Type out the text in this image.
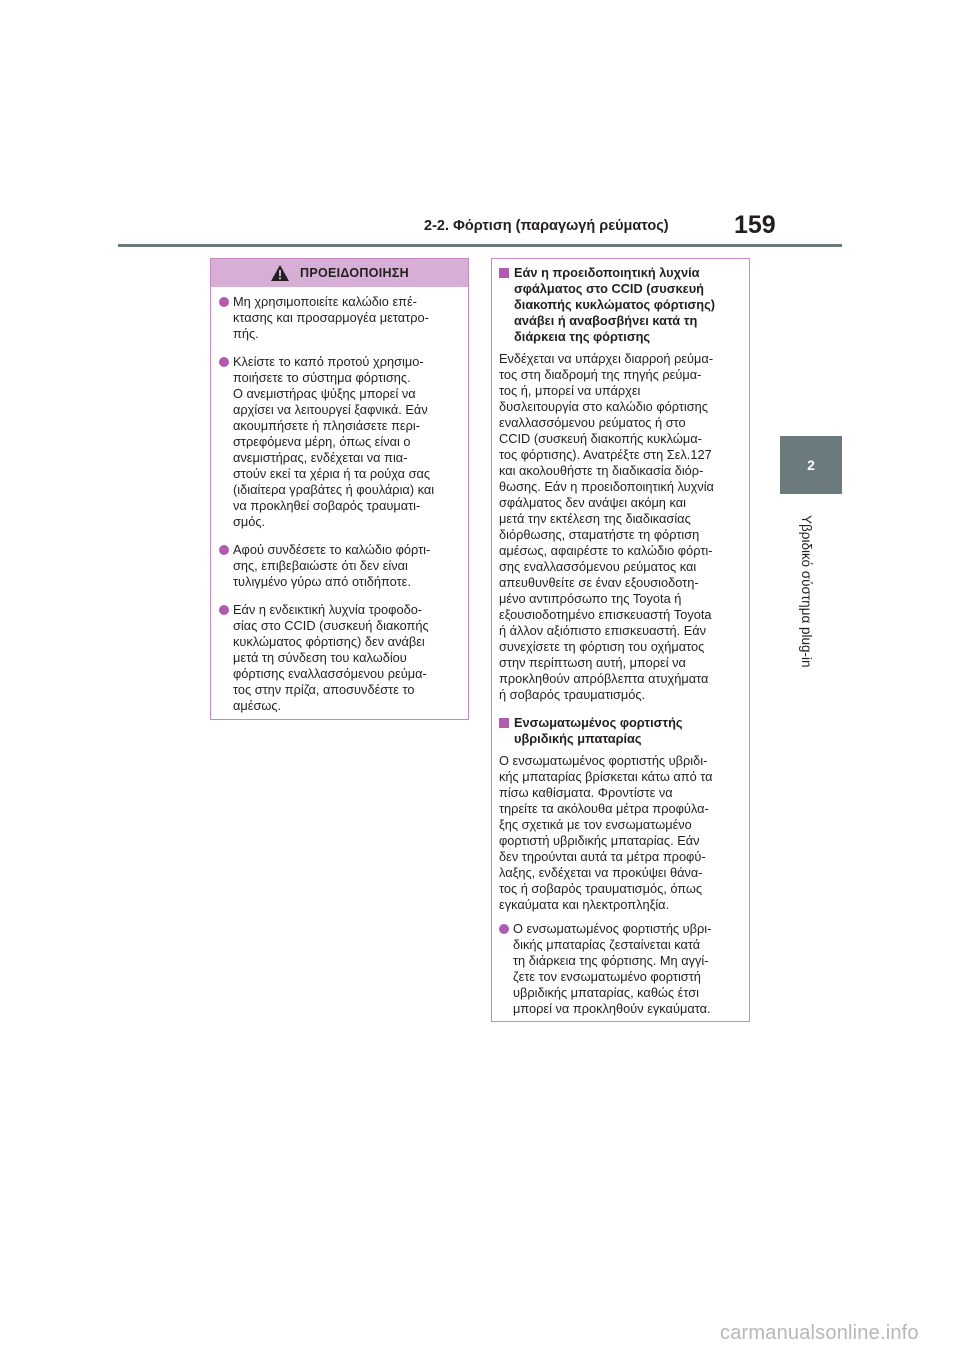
2-2. Φόρτιση (παραγωγή ρεύματος)	159
2
Υβριδικό σύστημα plug-in
ΠΡΟΕΙΔΟΠΟΙΗΣΗ

Μη χρησιμοποιείτε καλώδιο επέ-

κτασης και προσαρμογέα μετατρο-

πής.

Κλείστε το καπό προτού χρησιμο-

ποιήσετε το σύστημα φόρτισης.

Ο ανεμιστήρας ψύξης μπορεί να

αρχίσει να λειτουργεί ξαφνικά. Εάν

ακουμπήσετε ή πλησιάσετε περι-

στρεφόμενα μέρη, όπως είναι ο

ανεμιστήρας, ενδέχεται να πια-

στούν εκεί τα χέρια ή τα ρούχα σας

(ιδιαίτερα γραβάτες ή φουλάρια) και

να προκληθεί σοβαρός τραυματι-

σμός.

Αφού συνδέσετε το καλώδιο φόρτι-

σης, επιβεβαιώστε ότι δεν είναι

τυλιγμένο γύρω από οτιδήποτε.

Εάν η ενδεικτική λυχνία τροφοδο-

σίας στο CCID (συσκευή διακοπής

κυκλώματος φόρτισης) δεν ανάβει

μετά τη σύνδεση του καλωδίου

φόρτισης εναλλασσόμενου ρεύμα-

τος στην πρίζα, αποσυνδέστε το

αμέσως.

Εάν η προειδοποιητική λυχνία
σφάλματος στο CCID (συσκευή
διακοπής κυκλώματος φόρτισης)
ανάβει ή αναβοσβήνει κατά τη
διάρκεια της φόρτισης
Ενδέχεται να υπάρχει διαρροή ρεύμα-
τος στη διαδρομή της πηγής ρεύμα-
τος ή, μπορεί να υπάρχει
δυσλειτουργία στο καλώδιο φόρτισης
εναλλασσόμενου ρεύματος ή στο
CCID (συσκευή διακοπής κυκλώμα-
τος φόρτισης). Ανατρέξτε στη Σελ.127
και ακολουθήστε τη διαδικασία διόρ-
θωσης. Εάν η προειδοποιητική λυχνία
σφάλματος δεν ανάψει ακόμη και
μετά την εκτέλεση της διαδικασίας
διόρθωσης, σταματήστε τη φόρτιση
αμέσως, αφαιρέστε το καλώδιο φόρτι-
σης εναλλασσόμενου ρεύματος και
απευθυνθείτε σε έναν εξουσιοδοτη-
μένο αντιπρόσωπο της Toyota ή
εξουσιοδοτημένο επισκευαστή Toyota
ή άλλον αξιόπιστο επισκευαστή. Εάν
συνεχίσετε τη φόρτιση του οχήματος
στην περίπτωση αυτή, μπορεί να
προκληθούν απρόβλεπτα ατυχήματα
ή σοβαρός τραυματισμός.
Ενσωματωμένος φορτιστής
υβριδικής μπαταρίας
Ο ενσωματωμένος φορτιστής υβριδι-
κής μπαταρίας βρίσκεται κάτω από τα
πίσω καθίσματα. Φροντίστε να
τηρείτε τα ακόλουθα μέτρα προφύλα-
ξης σχετικά με τον ενσωματωμένο
φορτιστή υβριδικής μπαταρίας. Εάν
δεν τηρούνται αυτά τα μέτρα προφύ-
λαξης, ενδέχεται να προκύψει θάνα-
τος ή σοβαρός τραυματισμός, όπως
εγκαύματα και ηλεκτροπληξία.

Ο ενσωματωμένος φορτιστής υβρι-

δικής μπαταρίας ζεσταίνεται κατά

τη διάρκεια της φόρτισης. Μη αγγί-

ζετε τον ενσωματωμένο φορτιστή

υβριδικής μπαταρίας, καθώς έτσι

μπορεί να προκληθούν εγκαύματα.

carmanualsonline.info
